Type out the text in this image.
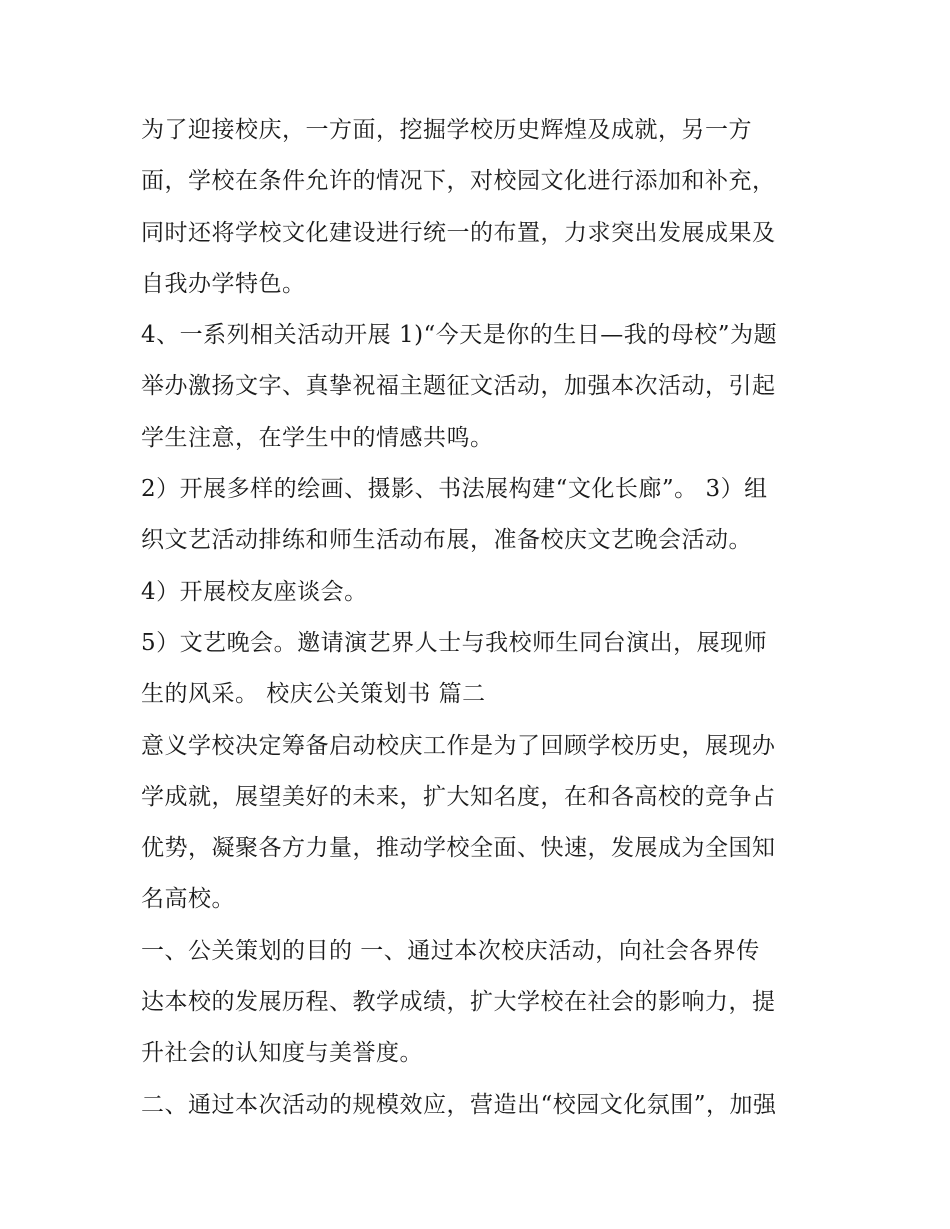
为了迎接校庆，一方面，挖掘学校历史辉煌及成就，另一方
面，学校在条件允许的情况下，对校园文化进行添加和补充，
同时还将学校文化建设进行统一的布置，力求突出发展成果及
自我办学特色。
4、一系列相关活动开展 1)“今天是你的生日—我的母校”为题
举办激扬文字、真挚祝福主题征文活动，加强本次活动，引起
学生注意，在学生中的情感共鸣。
2）开展多样的绘画、摄影、书法展构建“文化长廊”。 3）组
织文艺活动排练和师生活动布展，准备校庆文艺晚会活动。
4）开展校友座谈会。
5）文艺晚会。邀请演艺界人士与我校师生同台演出，展现师
生的风采。 校庆公关策划书 篇二
意义学校决定筹备启动校庆工作是为了回顾学校历史，展现办
学成就，展望美好的未来，扩大知名度，在和各高校的竞争占
优势，凝聚各方力量，推动学校全面、快速，发展成为全国知
名高校。
一、公关策划的目的 一、通过本次校庆活动，向社会各界传
达本校的发展历程、教学成绩，扩大学校在社会的影响力，提
升社会的认知度与美誉度。
二、通过本次活动的规模效应，营造出“校园文化氛围”，加强
